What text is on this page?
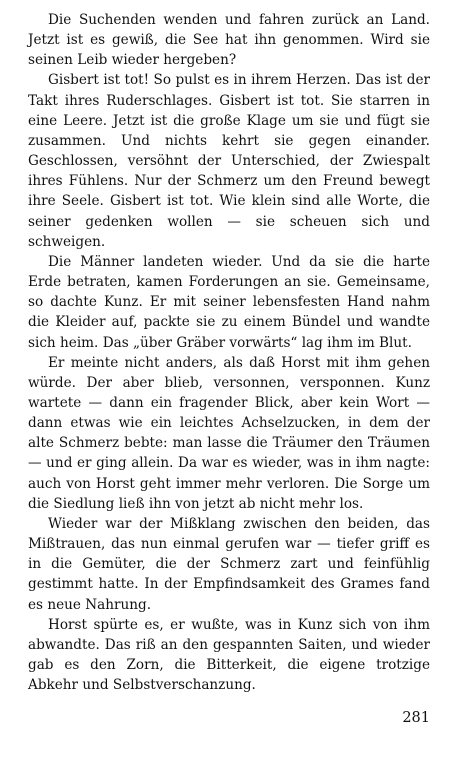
Die Suchenden wenden und fahren zurück an Land. Jetzt ist es gewiß, die See hat ihn genommen. Wird sie seinen Leib wieder hergeben?

Gisbert ist tot! So pulst es in ihrem Herzen. Das ist der Takt ihres Ruderschlages. Gisbert ist tot. Sie starren in eine Leere. Jetzt ist die große Klage um sie und fügt sie zusammen. Und nichts kehrt sie gegen einander. Geschlossen, versöhnt der Unterschied, der Zwiespalt ihres Fühlens. Nur der Schmerz um den Freund bewegt ihre Seele. Gisbert ist tot. Wie klein sind alle Worte, die seiner gedenken wollen — sie scheuen sich und schweigen.

Die Männer landeten wieder. Und da sie die harte Erde betraten, kamen Forderungen an sie. Gemeinsame, so dachte Kunz. Er mit seiner lebensfesten Hand nahm die Kleider auf, packte sie zu einem Bündel und wandte sich heim. Das „über Gräber vorwärts“ lag ihm im Blut.

Er meinte nicht anders, als daß Horst mit ihm gehen würde. Der aber blieb, versonnen, versponnen. Kunz wartete — dann ein fragender Blick, aber kein Wort — dann etwas wie ein leichtes Achselzucken, in dem der alte Schmerz bebte: man lasse die Träumer den Träumen — und er ging allein. Da war es wieder, was in ihm nagte: auch von Horst geht immer mehr verloren. Die Sorge um die Siedlung ließ ihn von jetzt ab nicht mehr los.

Wieder war der Mißklang zwischen den beiden, das Mißtrauen, das nun einmal gerufen war — tiefer griff es in die Gemüter, die der Schmerz zart und feinfühlig gestimmt hatte. In der Empfindsamkeit des Grames fand es neue Nahrung.

Horst spürte es, er wußte, was in Kunz sich von ihm abwandte. Das riß an den gespannten Saiten, und wieder gab es den Zorn, die Bitterkeit, die eigene trotzige Abkehr und Selbstverschanzung.

281
